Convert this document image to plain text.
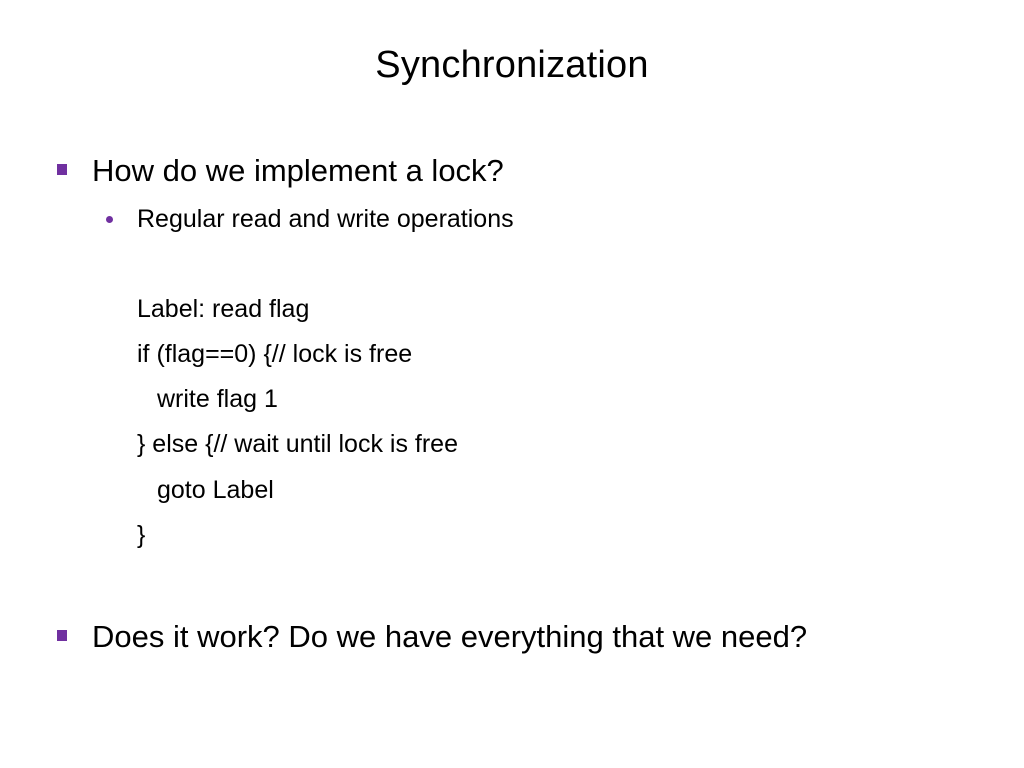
Synchronization
How do we implement a lock?
Regular read and write operations
Label: read flag
if (flag==0) {// lock is free
write flag 1
} else {// wait until lock is free
goto Label
}
Does it work? Do we have everything that we need?
